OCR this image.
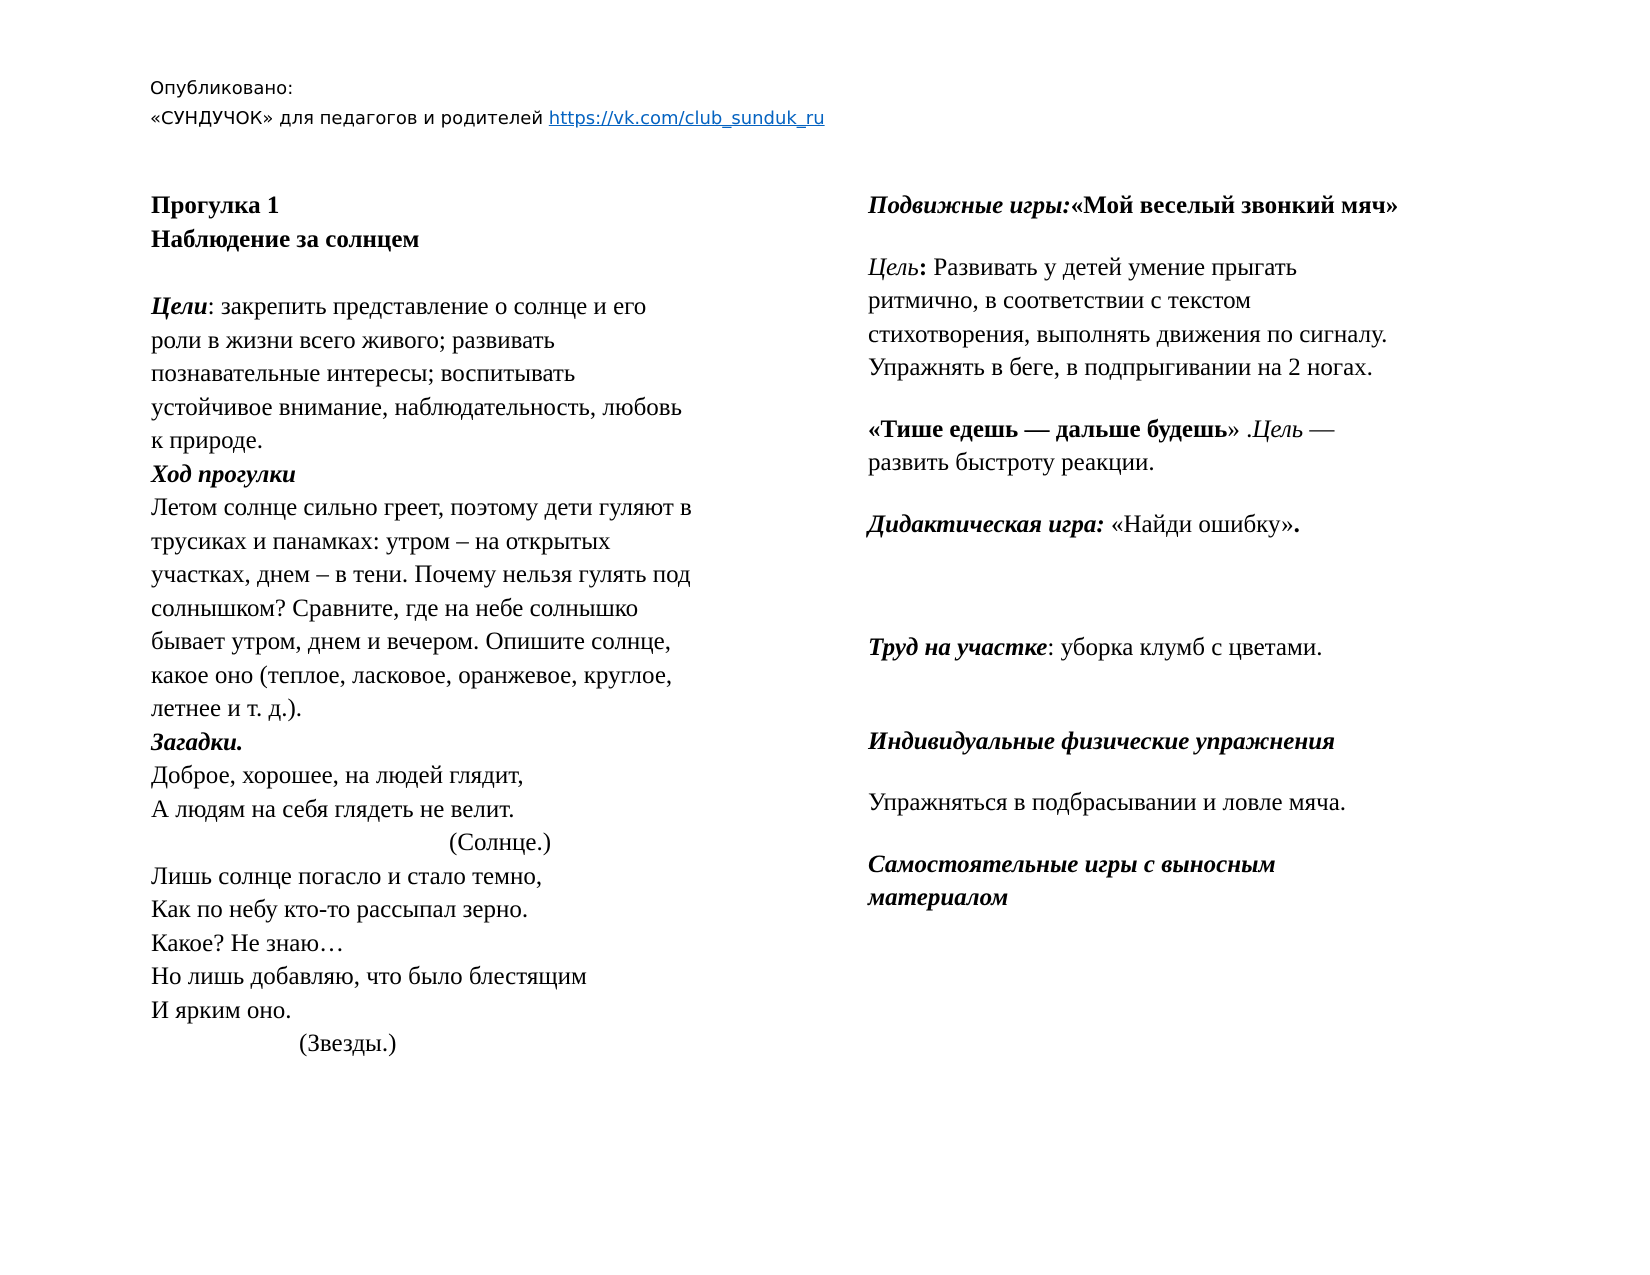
Опубликовано:
«СУНДУЧОК» для педагогов и родителей https://vk.com/club_sunduk_ru

Прогулка 1

Наблюдение за солнцем

Цели: закрепить представление о солнце и его

роли в жизни всего живого; развивать

познавательные интересы; воспитывать

устойчивое внимание, наблюдательность, любовь

к природе.

Ход прогулки

Летом солнце сильно греет, поэтому дети гуляют в

трусиках и панамках: утром – на открытых

участках, днем – в тени. Почему нельзя гулять под

солнышком? Сравните, где на небе солнышко

бывает утром, днем и вечером. Опишите солнце,

какое оно (теплое, ласковое, оранжевое, круглое,

летнее и т. д.).

Загадки.

Доброе, хорошее, на людей глядит,

А людям на себя глядеть не велит.

(Солнце.)

Лишь солнце погасло и стало темно,

Как по небу кто-то рассыпал зерно.

Какое? Не знаю…

Но лишь добавляю, что было блестящим

И ярким оно.

(Звезды.)

Подвижные игры:«Мой веселый звонкий мяч»

Цель: Развивать у детей умение прыгать

ритмично, в соответствии с текстом

стихотворения, выполнять движения по сигналу.

Упражнять в беге, в подпрыгивании на 2 ногах.

«Тише едешь — дальше будешь» .Цель —

развить быстроту реакции.

Дидактическая игра: «Найди ошибку».

Труд на участке: уборка клумб с цветами.

Индивидуальные физические упражнения

Упражняться в подбрасывании и ловле мяча.

Самостоятельные игры с выносным

материалом
